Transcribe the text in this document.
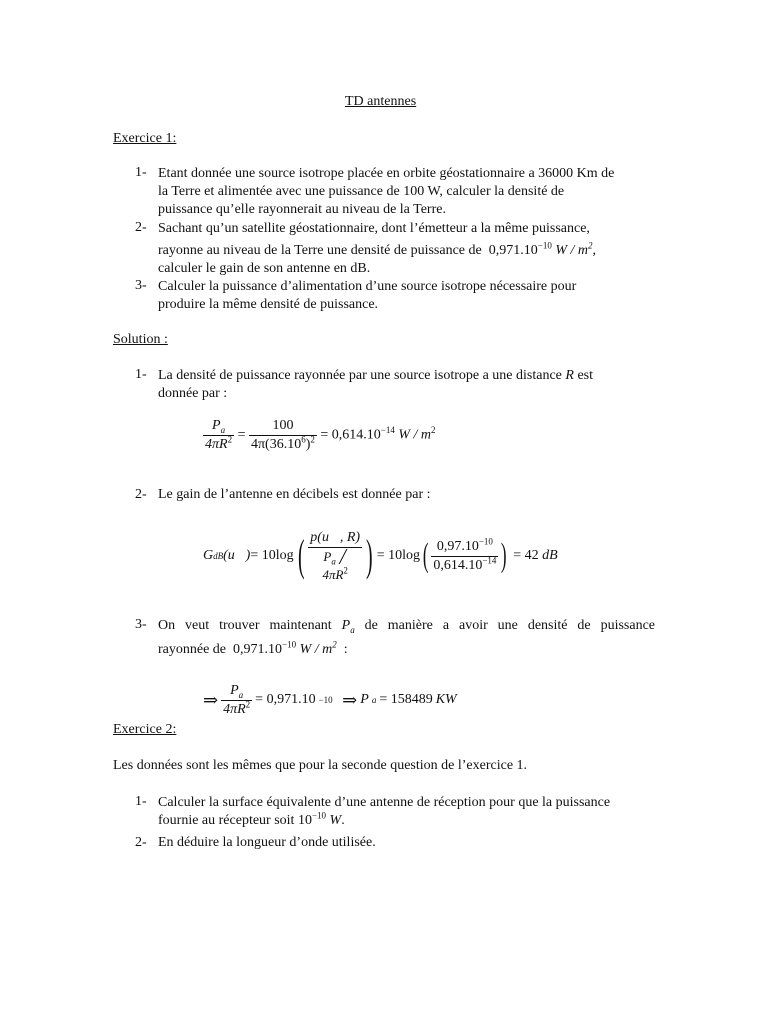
TD antennes
Exercice 1:
1- Etant donnée une source isotrope placée en orbite géostationnaire a 36000 Km de
la Terre et alimentée avec une puissance de 100 W, calculer la densité de
puissance qu’elle rayonnerait au niveau de la Terre.
2- Sachant qu’un satellite géostationnaire, dont l’émetteur a la même puissance,
rayonne au niveau de la Terre une densité de puissance de $0,971.10^{-10}$ W / $m^2$,
calculer le gain de son antenne en dB.
3- Calculer la puissance d’alimentation d’une source isotrope nécessaire pour
produire la même densité de puissance.
Solution :
1- La densité de puissance rayonnée par une source isotrope a une distance R est
donnée par :
$\frac{P_a}{4\pi R^2} = \frac{100}{4\pi(36.10^6)^2} = 0,614.10^{-14}$ W / $m^2$
2- Le gain de l’antenne en décibels est donnée par :
G dB (u⃗) = 10log ( p(u⃗, R)
$P_a$ ╱
$4\pi R^2$ ) = 10log ( $\frac{0,97.10^{-10}}{0,614.10^{-14}}$ )
= 42
dB
3- On veut trouver maintenant $P_a$ de manière a avoir une densité de puissance
rayonnée de $0,971.10^{-10}$ W / $m^2$ :
⇒ $\frac{P_a}{4\pi R^2} = 0,971.10 -10$
⇒ P a = 158489 KW
Exercice 2:
Les données sont les mêmes que pour la seconde question de l’exercice 1.
1- Calculer la surface équivalente d’une antenne de réception pour que la puissance
fournie au récepteur soit $10^{-10}$ W.
2- En déduire la longueur d’onde utilisée.
